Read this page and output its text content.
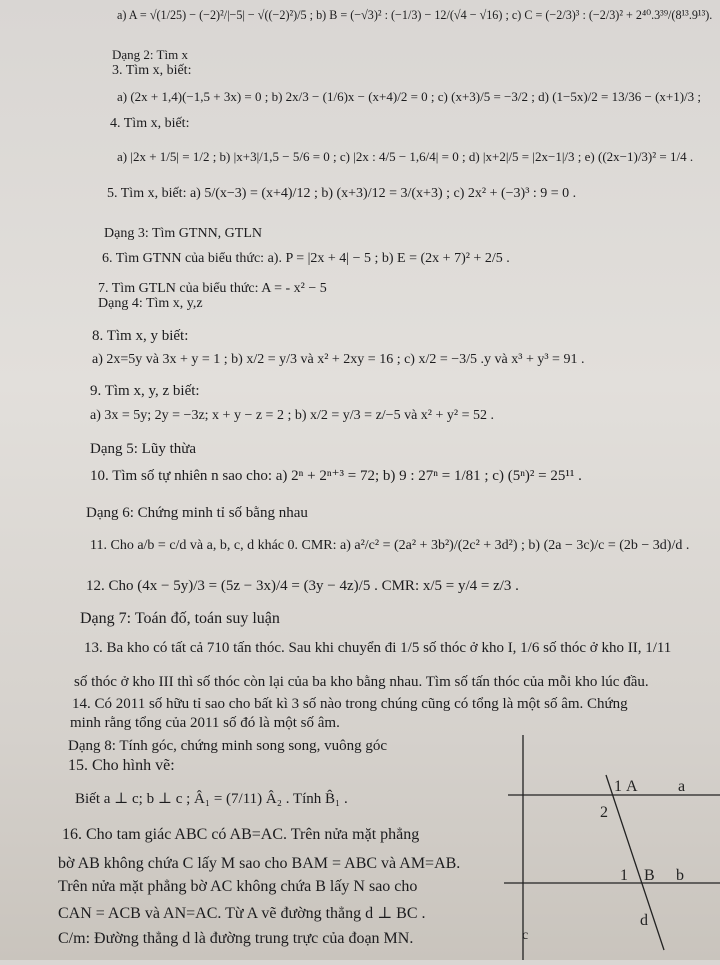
a) A = √(1/25) − (−2)²/|−5| − √((−2)²)/5 ; b) B = (−√3)² : (−1/3) − 12/(√4 − √16) ; c) C = (−2/3)³ : (−2/3)² + 2⁴⁰.3³⁹/(8¹³.9¹³).
Dạng 2: Tìm x
3. Tìm x, biết:
a) (2x + 1,4)(−1,5 + 3x) = 0 ; b) 2x/3 − (1/6)x − (x+4)/2 = 0 ; c) (x+3)/5 = −3/2 ; d) (1−5x)/2 = 13/36 − (x+1)/3 ;
4. Tìm x, biết:
a) |2x + 1/5| = 1/2 ; b) |x+3|/1,5 − 5/6 = 0 ; c) |2x : 4/5 − 1,6/4| = 0 ; d) |x+2|/5 = |2x−1|/3 ; e) ((2x−1)/3)² = 1/4 .
5. Tìm x, biết: a) 5/(x−3) = (x+4)/12 ; b) (x+3)/12 = 3/(x+3) ; c) 2x² + (−3)³ : 9 = 0 .
Dạng 3: Tìm GTNN, GTLN
6. Tìm GTNN của biểu thức: a). P = |2x + 4| − 5 ; b) E = (2x + 7)² + 2/5 .
7. Tìm GTLN của biểu thức: A = - x² − 5
Dạng 4: Tìm x, y,z
8. Tìm x, y biết:
a) 2x=5y và 3x + y = 1 ; b) x/2 = y/3 và x² + 2xy = 16 ; c) x/2 = −3/5 .y và x³ + y³ = 91 .
9. Tìm x, y, z biết:
a) 3x = 5y; 2y = −3z; x + y − z = 2 ; b) x/2 = y/3 = z/−5 và x² + y² = 52 .
Dạng 5: Lũy thừa
10. Tìm số tự nhiên n sao cho: a) 2ⁿ + 2ⁿ⁺³ = 72; b) 9 : 27ⁿ = 1/81 ; c) (5ⁿ)² = 25¹¹ .
Dạng 6: Chứng minh tỉ số bằng nhau
11. Cho a/b = c/d và a, b, c, d khác 0. CMR: a) a²/c² = (2a² + 3b²)/(2c² + 3d²) ; b) (2a − 3c)/c = (2b − 3d)/d .
12. Cho (4x − 5y)/3 = (5z − 3x)/4 = (3y − 4z)/5 . CMR: x/5 = y/4 = z/3 .
Dạng 7: Toán đố, toán suy luận
13. Ba kho có tất cả 710 tấn thóc. Sau khi chuyển đi 1/5 số thóc ở kho I, 1/6 số thóc ở kho II, 1/11
số thóc ở kho III thì số thóc còn lại của ba kho bằng nhau. Tìm số tấn thóc của mỗi kho lúc đầu.
14. Có 2011 số hữu tỉ sao cho bất kì 3 số nào trong chúng cũng có tổng là một số âm. Chứng
minh rằng tổng của 2011 số đó là một số âm.
Dạng 8: Tính góc, chứng minh song song, vuông góc
15. Cho hình vẽ:
Biết a ⊥ c; b ⊥ c ; Â₁ = (7/11) Â₂ . Tính B̂₁ .
16. Cho tam giác ABC có AB=AC. Trên nửa mặt phẳng
bờ AB không chứa C lấy M sao cho BAM = ABC và AM=AB.
Trên nửa mặt phẳng bờ AC không chứa B lấy N sao cho
CAN = ACB và AN=AC. Từ A vẽ đường thẳng d ⊥ BC .
C/m: Đường thẳng d là đường trung trực của đoạn MN.
1 A	a
2
1 B b
d
c
